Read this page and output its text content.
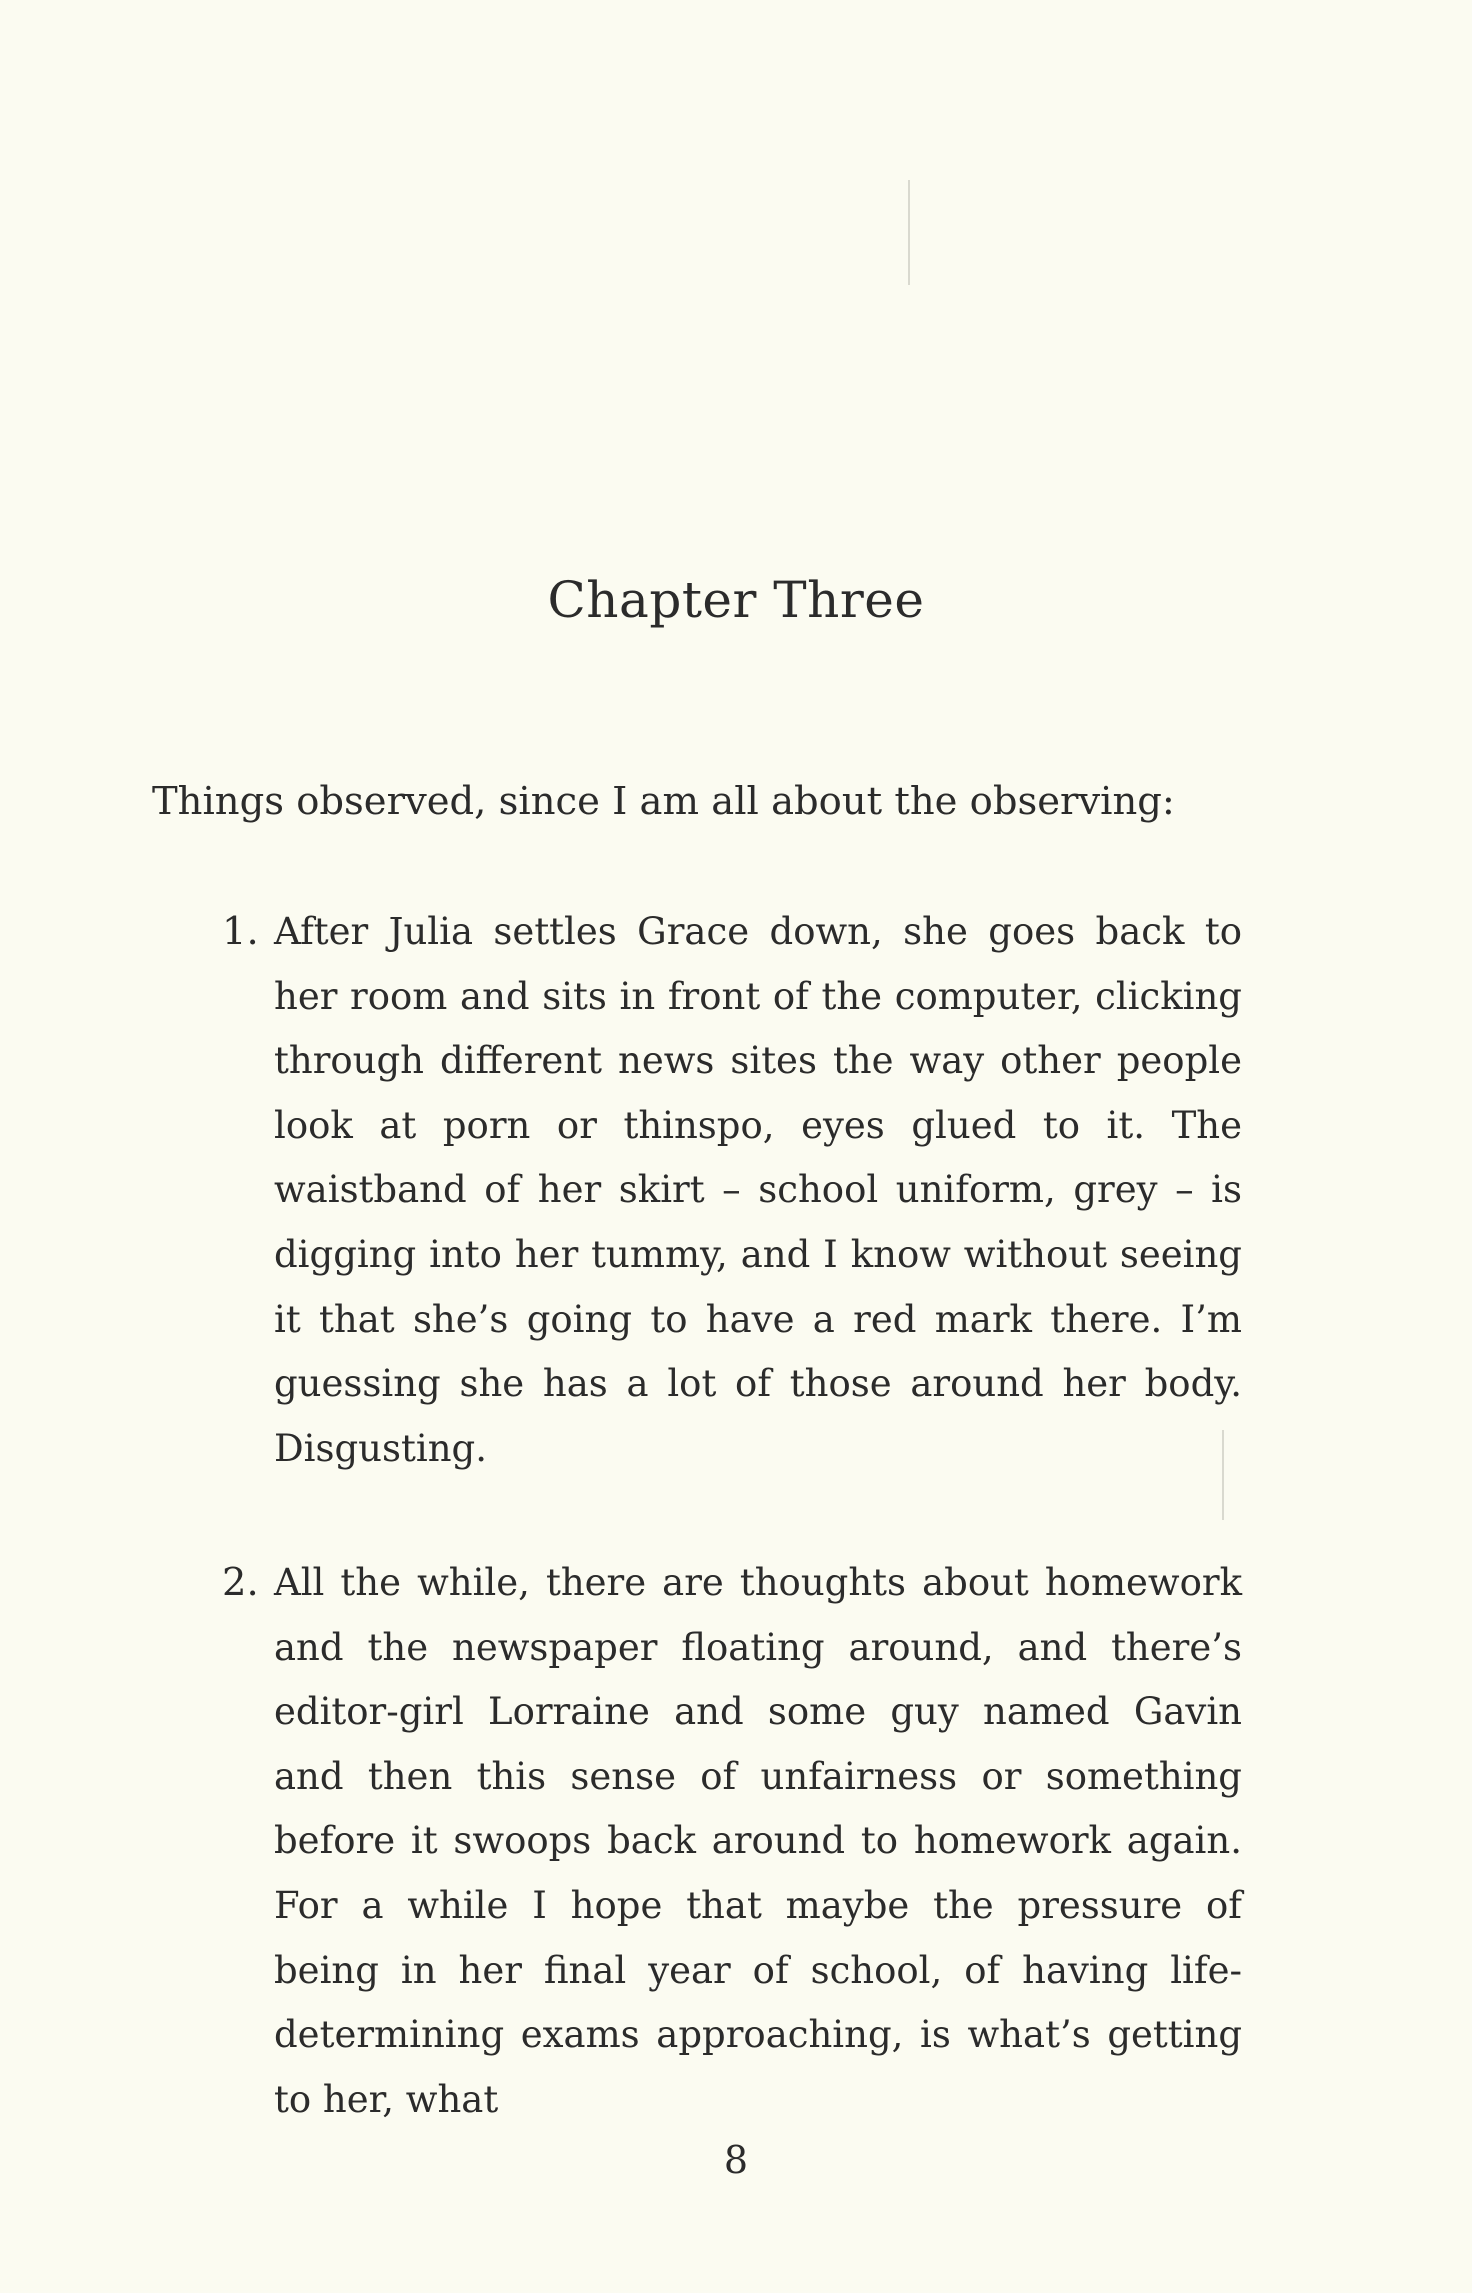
Chapter Three

Things observed, since I am all about the observing:

1. After Julia settles Grace down, she goes back to her room and sits in front of the computer, clicking through different news sites the way other people look at porn or thinspo, eyes glued to it. The waistband of her skirt – school uniform, grey – is digging into her tummy, and I know without seeing it that she’s going to have a red mark there. I’m guessing she has a lot of those around her body. Disgusting.

2. All the while, there are thoughts about homework and the newspaper floating around, and there’s editor-girl Lorraine and some guy named Gavin and then this sense of unfairness or something before it swoops back around to homework again. For a while I hope that maybe the pressure of being in her final year of school, of having life-determining exams approaching, is what’s getting to her, what

8
